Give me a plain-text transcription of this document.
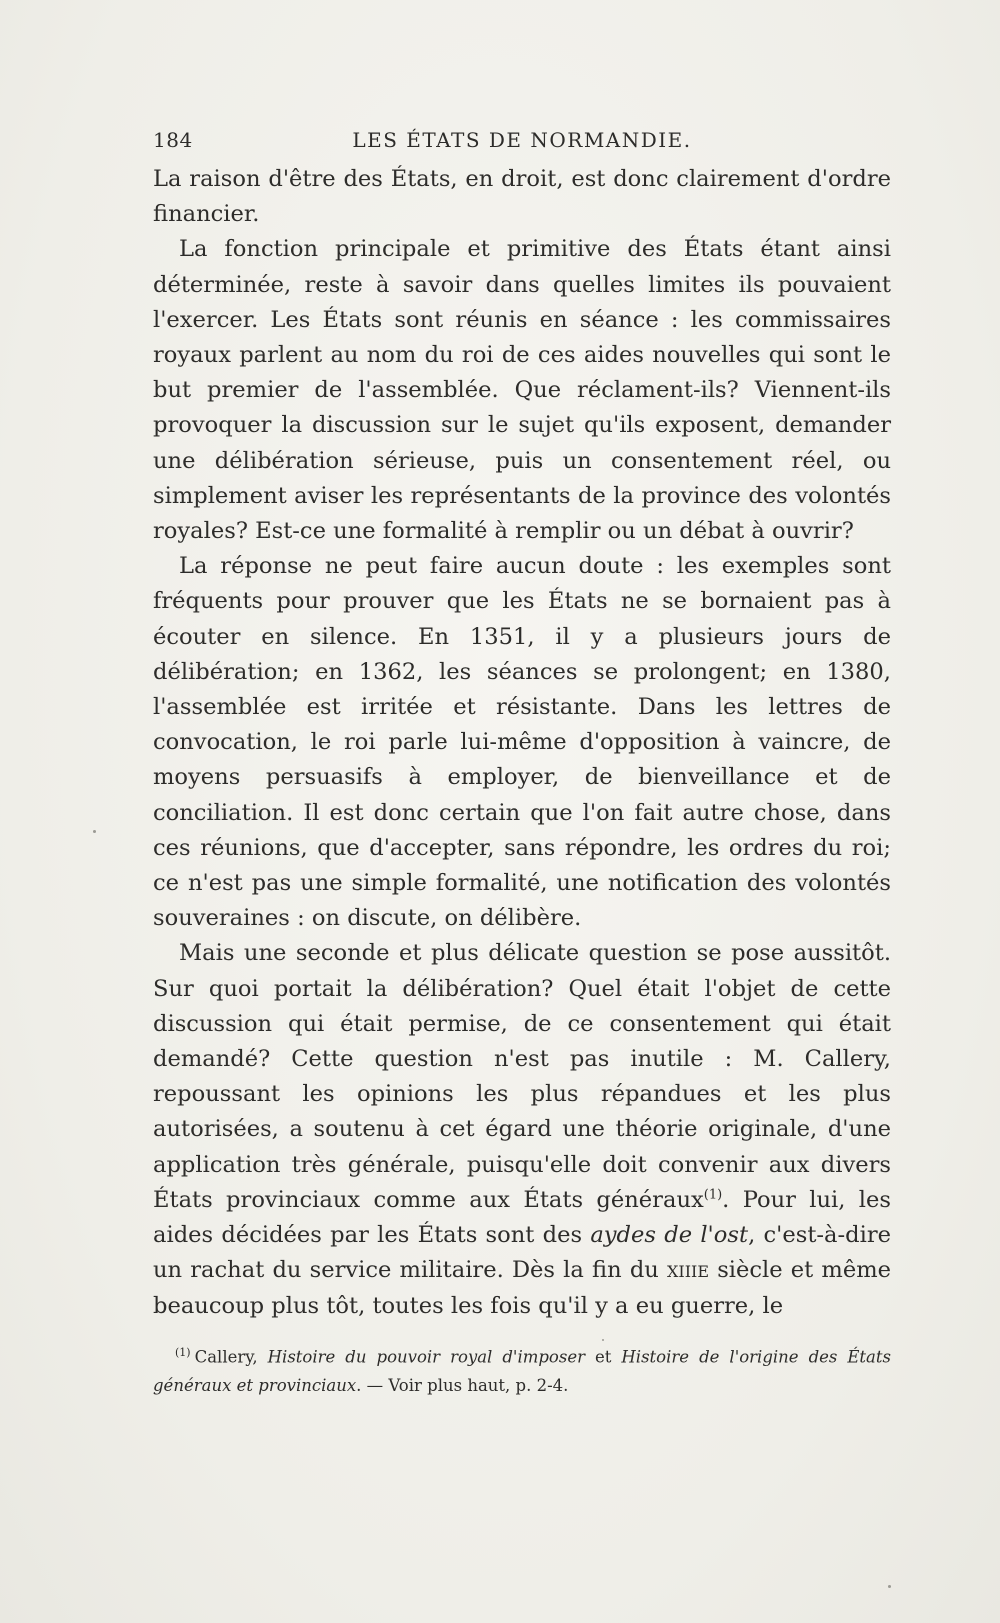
184	LES ÉTATS DE NORMANDIE.

La raison d'être des États, en droit, est donc clairement d'ordre financier.

La fonction principale et primitive des États étant ainsi déterminée, reste à savoir dans quelles limites ils pouvaient l'exercer. Les États sont réunis en séance : les commissaires royaux parlent au nom du roi de ces aides nouvelles qui sont le but premier de l'assemblée. Que réclament-ils? Viennent-ils provoquer la discussion sur le sujet qu'ils exposent, demander une délibération sérieuse, puis un consentement réel, ou simplement aviser les représentants de la province des volontés royales? Est-ce une formalité à remplir ou un débat à ouvrir?

La réponse ne peut faire aucun doute : les exemples sont fréquents pour prouver que les États ne se bornaient pas à écouter en silence. En 1351, il y a plusieurs jours de délibération; en 1362, les séances se prolongent; en 1380, l'assemblée est irritée et résistante. Dans les lettres de convocation, le roi parle lui-même d'opposition à vaincre, de moyens persuasifs à employer, de bienveillance et de conciliation. Il est donc certain que l'on fait autre chose, dans ces réunions, que d'accepter, sans répondre, les ordres du roi; ce n'est pas une simple formalité, une notification des volontés souveraines : on discute, on délibère.

Mais une seconde et plus délicate question se pose aussitôt. Sur quoi portait la délibération? Quel était l'objet de cette discussion qui était permise, de ce consentement qui était demandé? Cette question n'est pas inutile : M. Callery, repoussant les opinions les plus répandues et les plus autorisées, a soutenu à cet égard une théorie originale, d'une application très générale, puisqu'elle doit convenir aux divers États provinciaux comme aux États généraux$^{(1)}$. Pour lui, les aides décidées par les États sont des aydes de l'ost, c'est-à-dire un rachat du service militaire. Dès la fin du xiiie siècle et même beaucoup plus tôt, toutes les fois qu'il y a eu guerre, le

$^{(1)}$ Callery, Histoire du pouvoir royal d'imposer et Histoire de l'origine des États généraux et provinciaux. — Voir plus haut, p. 2-4.
